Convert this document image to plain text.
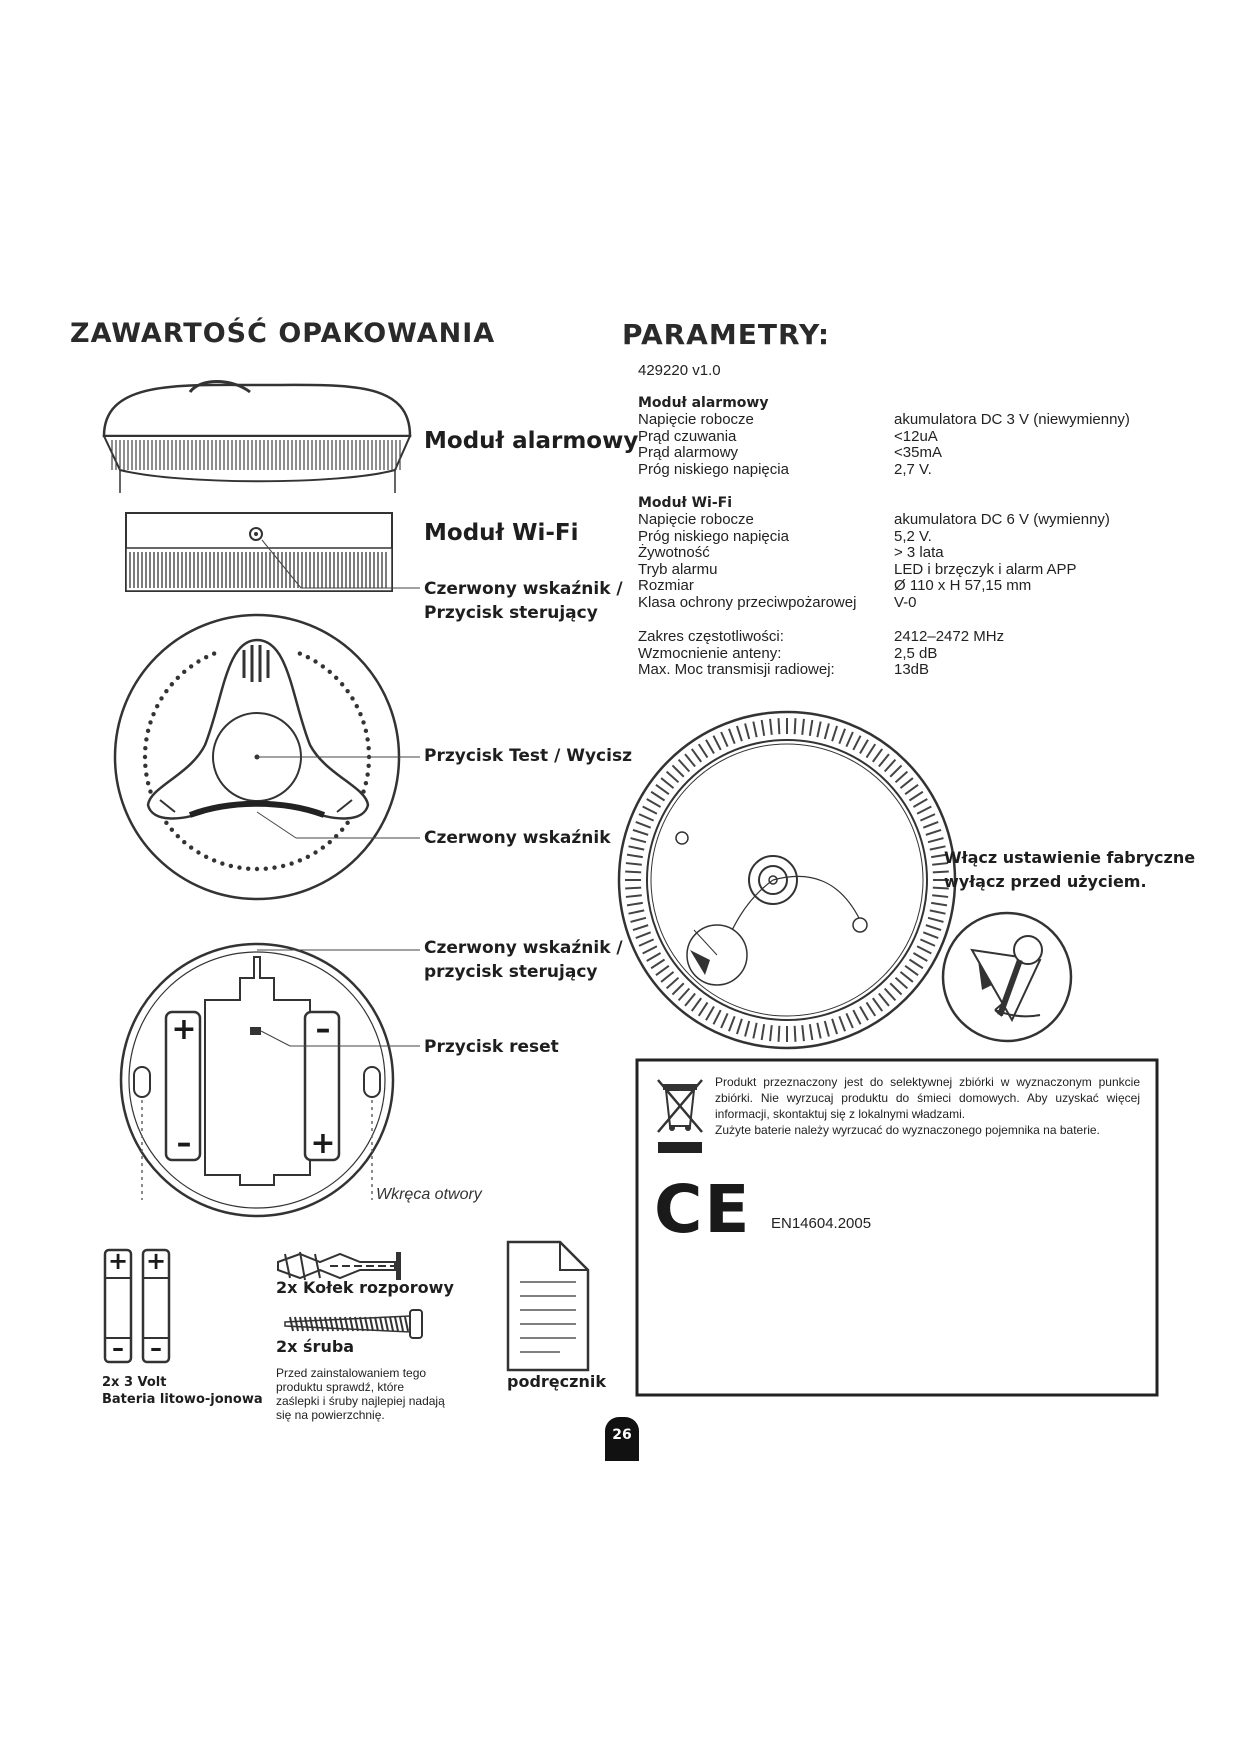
ZAWARTOŚĆ OPAKOWANIA	PARAMETRY:
429220 v1.0
+
–
–
+
+ +
– –
Moduł alarmowy
Moduł Wi-Fi
Czerwony wskaźnik /
Przycisk sterujący
Przycisk Test / Wycisz
Czerwony wskaźnik
Czerwony wskaźnik /
przycisk sterujący
Przycisk reset
Wkręca otwory
2x 3 Volt
Bateria litowo-jonowa
2x Kołek rozporowy
2x śruba
Przed zainstalowaniem tego
produktu sprawdź, które
zaślepki i śruby najlepiej nadają
się na powierzchnię.
podręcznik
Moduł alarmowy
Napięcie robocze	akumulatora DC 3 V (niewymienny)
Prąd czuwania	<12uA
Prąd alarmowy	<35mA
Próg niskiego napięcia	2,7 V.
Moduł Wi-Fi
Napięcie robocze	akumulatora DC 6 V (wymienny)
Próg niskiego napięcia	5,2 V.
Żywotność	> 3 lata
Tryb alarmu	LED i brzęczyk i alarm APP
Rozmiar	Ø 110 x H 57,15 mm
Klasa ochrony przeciwpożarowej	V-0
Zakres częstotliwości:	2412–2472 MHz
Wzmocnienie anteny:	2,5 dB
Max. Moc transmisji radiowej:	13dB
Włącz ustawienie fabryczne
wyłącz przed użyciem.
Produkt przeznaczony jest do selektywnej zbiórki w wyznaczonym punkcie zbiórki. Nie wyrzucaj produktu do śmieci domowych. Aby uzyskać więcej informacji, skontaktuj się z lokalnymi władzami.
Zużyte baterie należy wyrzucać do wyznaczonego pojemnika na baterie.
CE EN14604.2005
26
